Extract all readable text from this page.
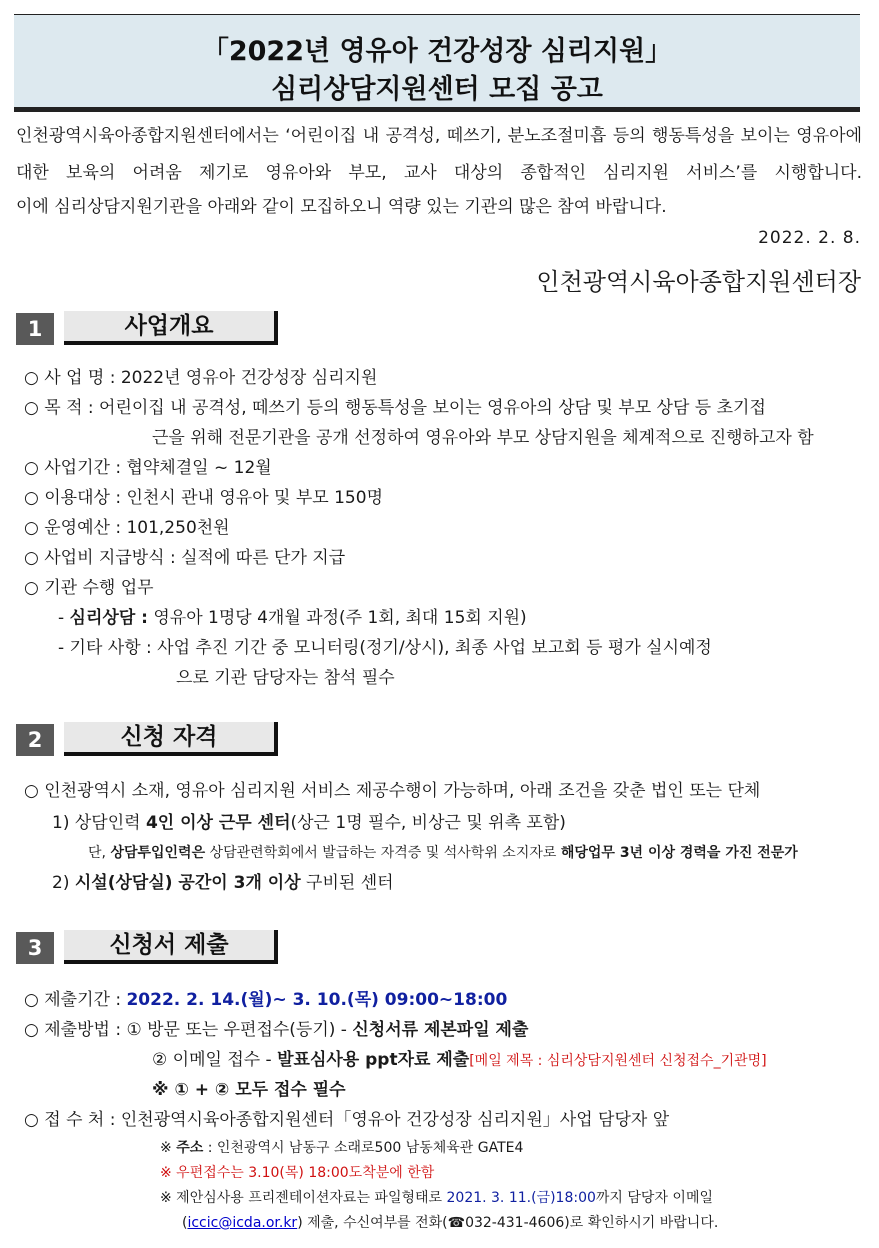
「2022년 영유아 건강성장 심리지원」
심리상담지원센터 모집 공고
인천광역시육아종합지원센터에서는 ‘어린이집 내 공격성, 떼쓰기, 분노조절미흡 등의 행동특성을 보이는 영유아에 대한 보육의 어려움 제기로 영유아와 부모, 교사 대상의 종합적인 심리지원 서비스’를 시행합니다.
이에 심리상담지원기관을 아래와 같이 모집하오니 역량 있는 기관의 많은 참여 바랍니다.
2022. 2. 8.
인천광역시육아종합지원센터장
1	사업개요
○ 사 업 명 : 2022년 영유아 건강성장 심리지원
○ 목 적 : 어린이집 내 공격성, 떼쓰기 등의 행동특성을 보이는 영유아의 상담 및 부모 상담 등 초기접
근을 위해 전문기관을 공개 선정하여 영유아와 부모 상담지원을 체계적으로 진행하고자 함
○ 사업기간 : 협약체결일 ~ 12월
○ 이용대상 : 인천시 관내 영유아 및 부모 150명
○ 운영예산 : 101,250천원
○ 사업비 지급방식 : 실적에 따른 단가 지급
○ 기관 수행 업무
- 심리상담 : 영유아 1명당 4개월 과정(주 1회, 최대 15회 지원)
- 기타 사항 : 사업 추진 기간 중 모니터링(정기/상시), 최종 사업 보고회 등 평가 실시예정
으로 기관 담당자는 참석 필수
2	신청 자격
○ 인천광역시 소재, 영유아 심리지원 서비스 제공수행이 가능하며, 아래 조건을 갖춘 법인 또는 단체
1) 상담인력 4인 이상 근무 센터(상근 1명 필수, 비상근 및 위촉 포함)
단, 상담투입인력은 상담관련학회에서 발급하는 자격증 및 석사학위 소지자로 해당업무 3년 이상 경력을 가진 전문가
2) 시설(상담실) 공간이 3개 이상 구비된 센터
3	신청서 제출
○ 제출기간 : 2022. 2. 14.(월)~ 3. 10.(목) 09:00~18:00
○ 제출방법 : ① 방문 또는 우편접수(등기) - 신청서류 제본파일 제출
② 이메일 접수 - 발표심사용 ppt자료 제출[메일 제목 : 심리상담지원센터 신청접수_기관명]
※ ① + ② 모두 접수 필수
○ 접 수 처 : 인천광역시육아종합지원센터「영유아 건강성장 심리지원」사업 담당자 앞
※ 주소 : 인천광역시 남동구 소래로500 남동체육관 GATE4
※ 우편접수는 3.10(목) 18:00도착분에 한함
※ 제안심사용 프리젠테이션자료는 파일형태로 2021. 3. 11.(금)18:00까지 담당자 이메일
(iccic@icda.or.kr) 제출, 수신여부를 전화(☎032-431-4606)로 확인하시기 바랍니다.
